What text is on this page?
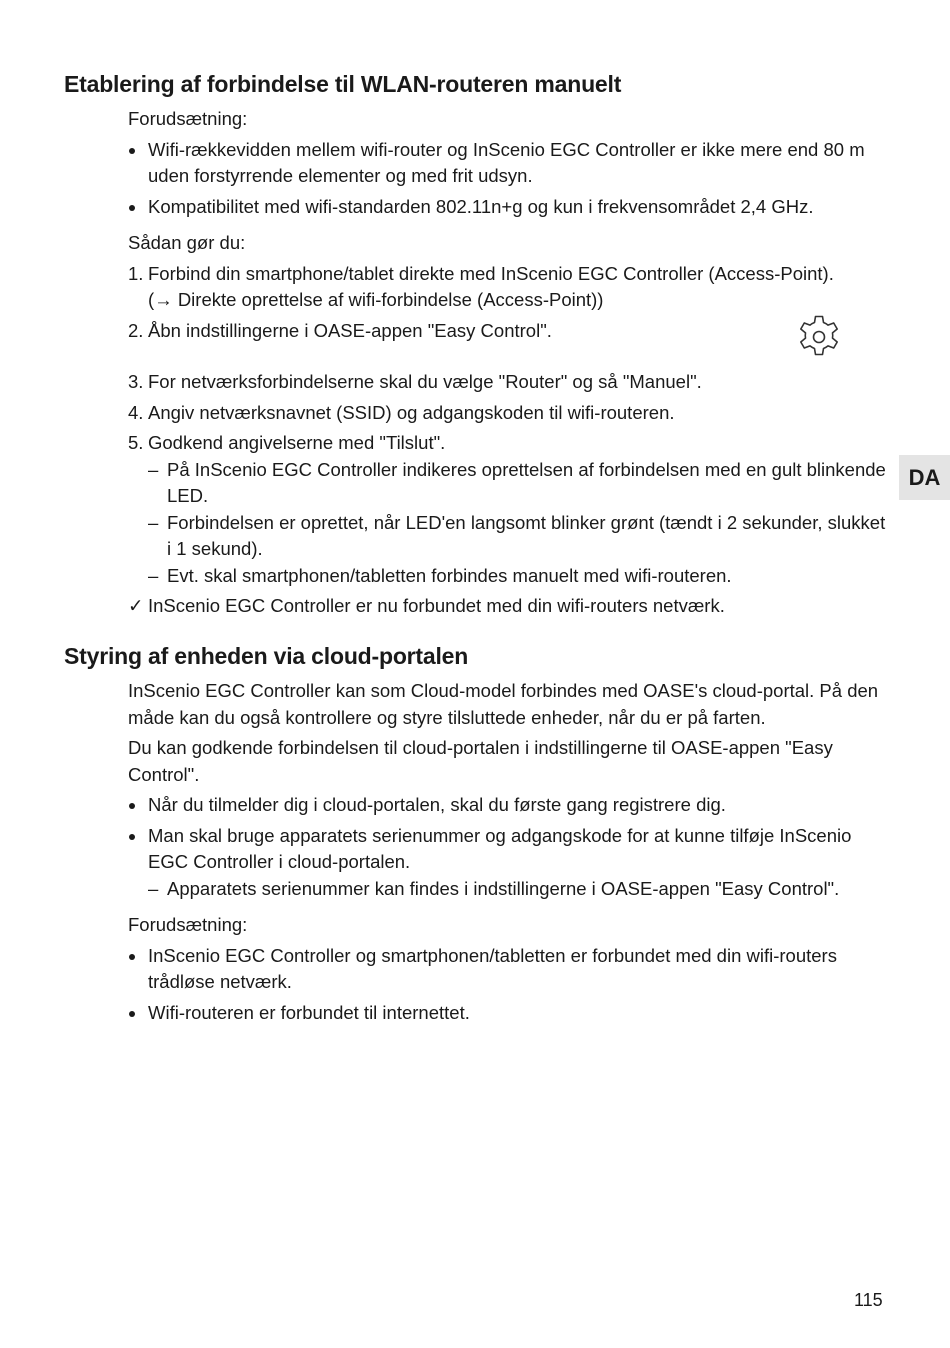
Etablering af forbindelse til WLAN-routeren manuelt

Forudsætning:

Wifi-rækkevidden mellem wifi-router og InScenio EGC Controller er ikke mere end 80 m uden forstyrrende elementer og med frit udsyn.
Kompatibilitet med wifi-standarden 802.11n+g og kun i frekvensområdet 2,4 GHz.

Sådan gør du:

1. Forbind din smartphone/tablet direkte med InScenio EGC Controller (Access-Point).
(→ Direkte oprettelse af wifi-forbindelse (Access-Point))
2. Åbn indstillingerne i OASE-appen "Easy Control".
3. For netværksforbindelserne skal du vælge "Router" og så "Manuel".
4. Angiv netværksnavnet (SSID) og adgangskoden til wifi-routeren.
5. Godkend angivelserne med "Tilslut".
– På InScenio EGC Controller indikeres oprettelsen af forbindelsen med en gult blinkende LED.
– Forbindelsen er oprettet, når LED'en langsomt blinker grønt (tændt i 2 sekunder, slukket i 1 sekund).
– Evt. skal smartphonen/tabletten forbindes manuelt med wifi-routeren.
✓ InScenio EGC Controller er nu forbundet med din wifi-routers netværk.
DA
Styring af enheden via cloud-portalen

InScenio EGC Controller kan som Cloud-model forbindes med OASE's cloud-portal. På den måde kan du også kontrollere og styre tilsluttede enheder, når du er på farten.

Du kan godkende forbindelsen til cloud-portalen i indstillingerne til OASE-appen "Easy Control".

Når du tilmelder dig i cloud-portalen, skal du første gang registrere dig.
Man skal bruge apparatets serienummer og adgangskode for at kunne tilføje InScenio EGC Controller i cloud-portalen.
– Apparatets serienummer kan findes i indstillingerne i OASE-appen "Easy Control".

Forudsætning:

InScenio EGC Controller og smartphonen/tabletten er forbundet med din wifi-routers trådløse netværk.
Wifi-routeren er forbundet til internettet.
115
